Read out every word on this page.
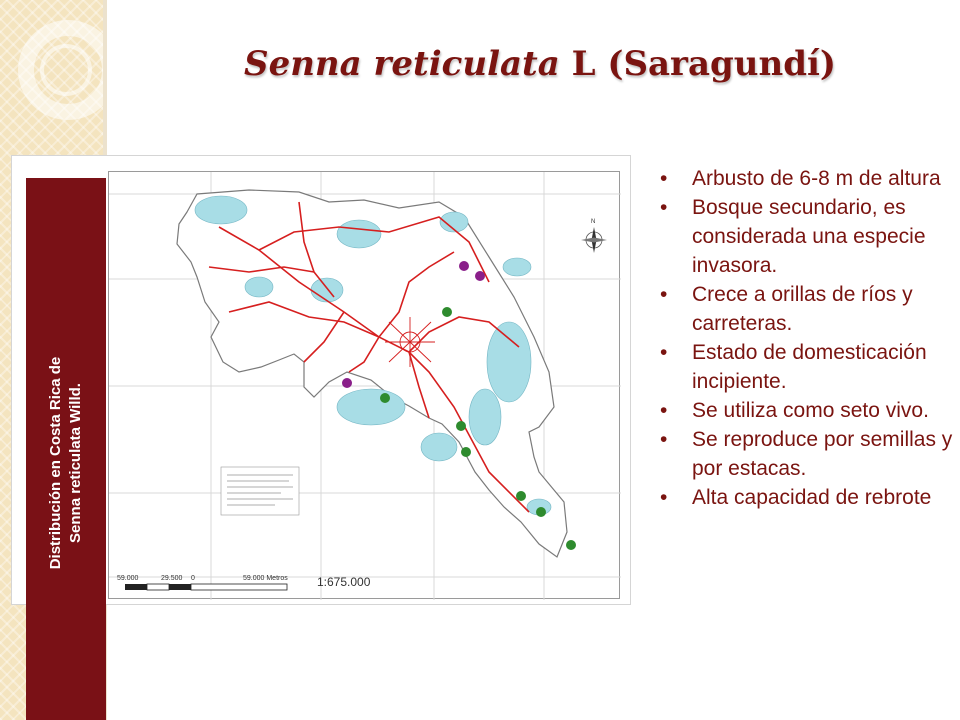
Senna reticulata L (Saragundí)
Distribución en Costa Rica de Senna reticulata Willd.
59.000	29.500 0	59.000 Metros 1:675.000
N
• Arbusto de 6-8 m de altura
• Bosque secundario, es considerada una especie invasora.
• Crece a orillas de ríos y carreteras.
• Estado de domesticación incipiente.
• Se utiliza como seto vivo.
• Se reproduce por semillas y por estacas.
• Alta capacidad de rebrote
